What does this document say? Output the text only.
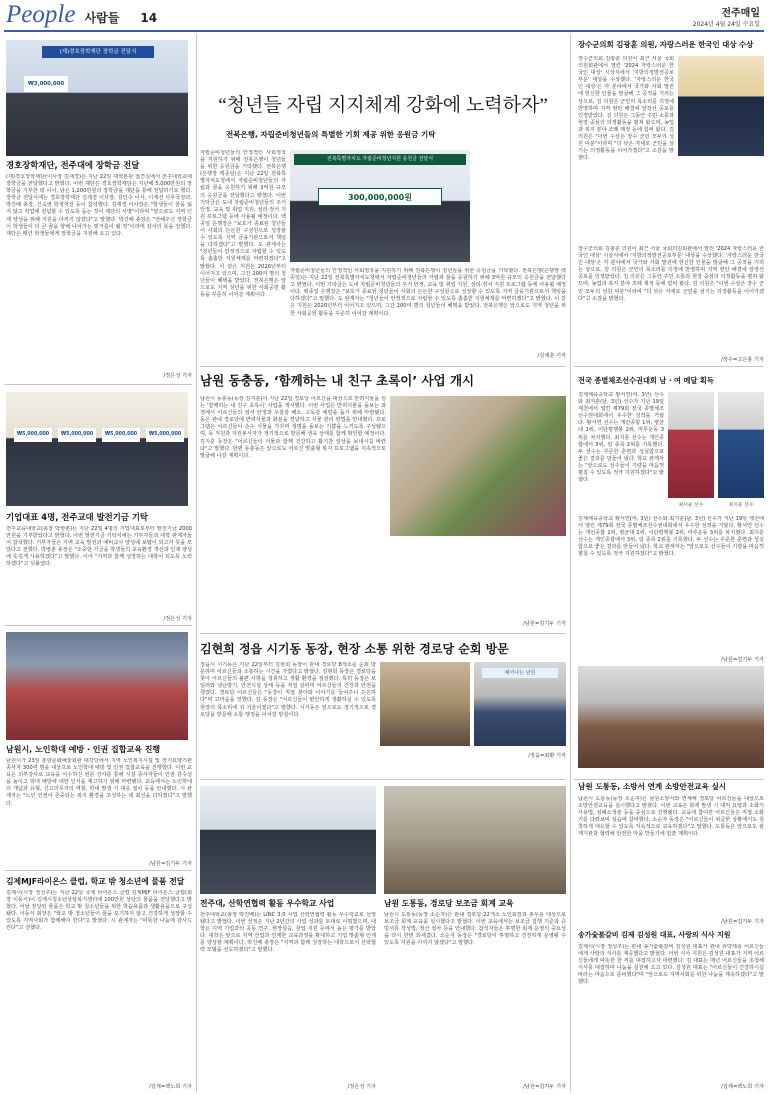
People 사람들 14	전주매일
2024년 4월 24일 수요일
(재)경호장학재단 장학금 전달식
₩3,000,000
경호장학재단, 전주대에 장학금 전달
(재)경호장학재단(이사장 김재경)은 지난 22일 대학본관 접견실에서 전주대학교에 장학금을 전달했다고 밝혔다. 이번 재단은 경호장학재단은 지난해 5,000만원의 장학금을 기부한 데 이어, 남은 1,200만원의 장학금을 재단을 통해 전달하기로 했다. 장학금 전달식에는 경호장학재단 김재경 이사장, 김인수 이사, 이재선 사무국장과, 박진배 총장, 신숙영 학생처장 등이 참석했다. 김재경 이사장은 "학생들이 꿈을 잃지 않고 학업에 전념할 수 있도록 돕는 것이 재단의 사명"이라며 "앞으로도 지역 인재 양성을 위해 지원을 아끼지 않겠다"고 말했다. 박진배 총장은 "전해주신 장학금이 학생들이 더 큰 꿈을 향해 나아가는 밑거름이 될 것"이라며 감사의 뜻을 전했다. 재단은 매년 학생들에게 장학금을 지원해 오고 있다.
/정은성 기자
₩5,000,000	₩5,000,000	₩5,000,000	₩5,000,000
기업대표 4명, 전주교대 발전기금 기탁
전주교육대학교(총장 박병춘)는 지난 22일 4명의 기업대표로부터 발전기금 2000만원을 기부받았다고 밝혔다. 이번 발전기금 기탁식에는 기부자들과 대학 관계자들이 참석했다. 기부자들은 지역 교육 발전과 예비교사 양성에 보탬이 되고자 뜻을 모았다고 전했다. 박병춘 총장은 "소중한 기금을 학생들의 교육환경 개선과 인재 양성에 뜻깊게 사용하겠다"고 말했다. 이어 "지역과 함께 성장하는 대학이 되도록 노력하겠다"고 덧붙였다.
/정은성 기자
남원시, 노인학대 예방 · 인권 집합교육 진행
남원시가 23일 춘향문화예술회관 대강당에서 지역 노인복지시설 및 장기요양기관 종사자 300여 명을 대상으로 노인학대 예방 및 인권 집합교육을 진행했다. 이번 교육은 외부강사로 교육을 이수하신 전문 강사를 통해 시설 종사자들이 인권 감수성을 높이고 학대 예방에 대한 인식을 제고하기 위해 마련됐다. 교육에서는 노인학대의 개념과 유형, 신고의무자의 역할, 학대 발생 시 대응 절차 등을 안내했다. 시 관계자는 "노인 인권이 존중되는 복지 환경을 조성하는 데 최선을 다하겠다"고 말했다.
/남원=김기두 기자
김제MJF라이온스 클럽, 학교 밖 청소년에 물품 전달
김제시(시장 정성주)는 지난 22일 국제 라이온스 클럽 김제MJF 라이온스 클럽(회장 이동식)이 김제시청소년상담복지센터에 100만원 상당의 물품을 전달했다고 밝혔다. 이날 전달된 물품은 학교 밖 청소년들을 위한 학습용품과 생활용품으로 구성됐다. 이동식 회장은 "학교 밖 청소년들이 꿈을 포기하지 않고 건강하게 성장할 수 있도록 지역사회가 함께해야 한다"고 밝혔다. 시 관계자는 "따뜻한 나눔에 감사드린다"고 전했다.
/김제=백노희 기자
“청년들 자립 지지체계 강화에 노력하자”
전북은행, 자립준비청년들의 특별한 기회 제공 위한 응원금 기탁
자립준비청년들의 안정적인 사회정착을 지원하기 위해 전북은행이 청년들을 위한 응원금을 기탁했다. 전북은행(은행장 백종일)은 지난 22일 전북특별자치도청에서 자립준비청년들의 자립과 꿈을 응원하기 위해 3억원 규모의 응원금을 전달했다고 밝혔다. 이번 기탁금은 도내 자립준비청년들의 주거 안정, 교육 및 취업 지원, 심리·정서 지원 프로그램 등에 사용될 예정이다. 백종일 은행장은 "보호가 종료된 청년들이 사회의 든든한 구성원으로 성장할 수 있도록 지역 금융기관으로서 책임을 다하겠다"고 말했다. 도 관계자는 "청년들이 안정적으로 자립할 수 있도록 촘촘한 지원체계를 마련하겠다"고 밝혔다. 이 같은 지원은 2020년부터 이어지고 있으며, 그간 200여 명의 청년들이 혜택을 받았다. 전북은행은 앞으로도 지역 청년을 위한 사회공헌 활동을 꾸준히 이어갈 계획이다.
전북특별자치도 자립준비청년지원 응원금 전달식
300,000,000원
자립준비청년들의 안정적인 사회정착을 지원하기 위해 전북은행이 청년들을 위한 응원금을 기탁했다. 전북은행(은행장 백종일)은 지난 22일 전북특별자치도청에서 자립준비청년들의 자립과 꿈을 응원하기 위해 3억원 규모의 응원금을 전달했다고 밝혔다. 이번 기탁금은 도내 자립준비청년들의 주거 안정, 교육 및 취업 지원, 심리·정서 지원 프로그램 등에 사용될 예정이다. 백종일 은행장은 "보호가 종료된 청년들이 사회의 든든한 구성원으로 성장할 수 있도록 지역 금융기관으로서 책임을 다하겠다"고 말했다. 도 관계자는 "청년들이 안정적으로 자립할 수 있도록 촘촘한 지원체계를 마련하겠다"고 밝혔다. 이 같은 지원은 2020년부터 이어지고 있으며, 그간 200여 명의 청년들이 혜택을 받았다. 전북은행은 앞으로도 지역 청년을 위한 사회공헌 활동을 꾸준히 이어갈 계획이다.
/김재훈 기자
장수군의회 김광훈 의원, 자랑스러운 한국인 대상 수상
장수군의회 김광훈 의원이 최근 서울 국회의원회관에서 열린 '2024 자랑스러운 한국인 대상' 시상식에서 '지방의정발전공로부문' 대상을 수상했다. '자랑스러운 한국인 대상'은 각 분야에서 국가와 사회 발전에 헌신한 인물을 발굴해 그 공적을 기리는 상으로, 김 의원은 군민의 목소리를 의정에 반영하며 지역 현안 해결에 앞장선 공로를 인정받았다. 김 의원은 그동안 주민 소통과 현장 중심의 의정활동을 펼쳐 왔으며, 농업과 복지 분야 조례 제정 등에 힘써 왔다. 김 의원은 "이번 수상은 장수 군민 모두의 성원 덕분"이라며 "더 낮은 자세로 군민을 섬기는 의정활동을 이어가겠다"고 소감을 밝혔다.
장수군의회 김광훈 의원이 최근 서울 국회의원회관에서 열린 '2024 자랑스러운 한국인 대상' 시상식에서 '지방의정발전공로부문' 대상을 수상했다. '자랑스러운 한국인 대상'은 각 분야에서 국가와 사회 발전에 헌신한 인물을 발굴해 그 공적을 기리는 상으로, 김 의원은 군민의 목소리를 의정에 반영하며 지역 현안 해결에 앞장선 공로를 인정받았다. 김 의원은 그동안 주민 소통과 현장 중심의 의정활동을 펼쳐 왔으며, 농업과 복지 분야 조례 제정 등에 힘써 왔다. 김 의원은 "이번 수상은 장수 군민 모두의 성원 덕분"이라며 "더 낮은 자세로 군민을 섬기는 의정활동을 이어가겠다"고 소감을 밝혔다.
/장수=고은홍 기자
남원 동충동, ‘함께하는 내 친구 초록이’ 사업 개시
남원시 동충동(동장 김지훈)이 지난 22일 경로당 어르신을 대상으로 반려식물을 심는 '함께하는 내 친구 초록이' 사업을 개시했다. 이번 사업은 반려식물을 돌보는 과정에서 어르신들의 정서 안정과 우울감 해소, 고독감 예방을 돕기 위해 마련됐다. 동은 관내 경로당에 반려식물과 화분을 전달하고 식물 관리 방법을 안내했다. 프로그램은 어르신들이 손수 식물을 가꾸며 생명을 돌보는 기쁨을 느끼도록 구성됐으며, 동 직원과 자원봉사자가 정기적으로 방문해 생육 상태를 함께 확인할 예정이다. 김지훈 동장은 "어르신들이 식물과 함께 건강하고 활기찬 일상을 보내시길 바란다"고 말했다. 한편 동충동은 앞으로도 어르신 맞춤형 복지 프로그램을 지속적으로 발굴해 나갈 계획이다.
/남원=김기두 기자
전국 종별체조선수권대회 남 · 여 메달 획득
김제체육중학교 황서연(여, 3년) 선수와 최지훈(남, 3년) 선수가 지난 19일 제천에서 열린 제79회 전국 종별체조선수권대회에서 우수한 성적을 거뒀다. 황서연 선수는 개인종합 1위, 평균대 1위, 이단평행봉 2위, 마루운동 3위를 차지했다. 최지훈 선수는 개인종합에서 3위, 링 종목 2위를 기록했다. 두 선수는 꾸준한 훈련과 성실함으로 좋은 결과를 만들어 냈다. 학교 관계자는 "앞으로도 선수들이 기량을 마음껏 펼칠 수 있도록 적극 지원하겠다"고 밝혔다.
최서윤 선수	최지훈 선수
김제체육중학교 황서연(여, 3년) 선수와 최지훈(남, 3년) 선수가 지난 19일 제천에서 열린 제79회 전국 종별체조선수권대회에서 우수한 성적을 거뒀다. 황서연 선수는 개인종합 1위, 평균대 1위, 이단평행봉 2위, 마루운동 3위를 차지했다. 최지훈 선수는 개인종합에서 3위, 링 종목 2위를 기록했다. 두 선수는 꾸준한 훈련과 성실함으로 좋은 결과를 만들어 냈다. 학교 관계자는 "앞으로도 선수들이 기량을 마음껏 펼칠 수 있도록 적극 지원하겠다"고 밝혔다.
/남원=김기두 기자
김현희 정읍 시기동 동장, 현장 소통 위한 경로당 순회 방문
정읍시 시기동은 지난 22일부터 김현희 동장이 관내 경로당 8개소를 순회 방문하며 어르신들과 소통하는 시간을 가졌다고 밝혔다. 김현희 동장은 경로당을 찾아 어르신들의 불편 사항을 청취하고 생활 환경을 점검했다. 특히 동장은 보일러와 냉난방기, 안전시설 상태 등을 직접 살피며 어르신들의 건강과 안전을 챙겼다. 경로당 어르신들은 "동장이 직접 찾아와 이야기를 들어주니 든든하다"며 고마움을 전했다. 김 동장은 "어르신들이 편안하게 생활하실 수 있도록 현장의 목소리에 귀 기울이겠다"고 말했다. 시기동은 앞으로도 정기적으로 경로당을 방문해 소통 행정을 이어갈 방침이다.
헤어나는 남원
/정읍=최환 기자
남원 도통동, 소방서 연계 소방안전교육 실시
남원시 도통동(동장 소순자)은 남원소방서와 연계해 경로당 어르신들을 대상으로 소방안전교육을 실시했다고 밝혔다. 이번 교육은 화재 발생 시 대처 요령과 소화기 사용법, 심폐소생술 등을 중심으로 진행됐다. 교육에 참여한 어르신들은 직접 소화기를 다뤄보며 실습에 참여했다. 소순자 동장은 "어르신들이 위급한 상황에서도 침착하게 대응할 수 있도록 지속적으로 교육하겠다"고 말했다. 도통동은 앞으로도 관계기관과 협력해 안전한 마을 만들기에 힘쓸 계획이다.
/남원=김기두 기자
전주대, 산학연협력 활동 우수학교 사업
전주대학교(총장 박진배)는 LINC 3.0 사업 산학연협력 활동 우수학교로 선정됐다고 밝혔다. 이번 선정은 지난 2년간의 사업 성과를 토대로 이뤄졌으며, 대학은 지역 기업과의 공동 연구, 현장실습, 창업 지원 등에서 높은 평가를 받았다. 대학은 앞으로 지역 산업과 연계한 교육과정을 확대하고 기업 맞춤형 인재를 양성할 계획이다. 박진배 총장은 "지역과 함께 성장하는 대학으로서 산학협력 모델을 선도하겠다"고 말했다.
/정은성 기자
남원 도통동, 경로당 보조금 회계 교육
남원시 도통동(동장 소순자)은 관내 경로당 22개소 노인회장과 총무를 대상으로 보조금 회계 교육을 실시했다고 밝혔다. 이번 교육에서는 보조금 집행 기준과 증빙서류 작성법, 정산 절차 등을 안내했다. 참석자들은 투명한 회계 운영의 중요성을 다시 한번 되새겼다. 소순자 동장은 "경로당이 투명하고 건전하게 운영될 수 있도록 지원을 아끼지 않겠다"고 말했다.
/남원=김기두 기자
송가숯불갈비 김제 김성원 대표, 사랑의 식사 지원
김제시(시장 정성주)는 관내 송가숯불갈비 김성원 대표가 관내 취약계층 어르신들에게 사랑의 식사를 제공했다고 밝혔다. 이번 식사 지원은 김성원 대표가 지역 어르신들에게 따뜻한 한 끼를 대접하고자 마련했다. 김 대표는 매년 어르신들을 초청해 식사를 대접하며 나눔을 실천해 오고 있다. 김성원 대표는 "어르신들이 건강하시길 바라는 마음으로 준비했다"며 "앞으로도 지역사회를 위한 나눔을 계속하겠다"고 말했다.
/김제=백노희 기자
